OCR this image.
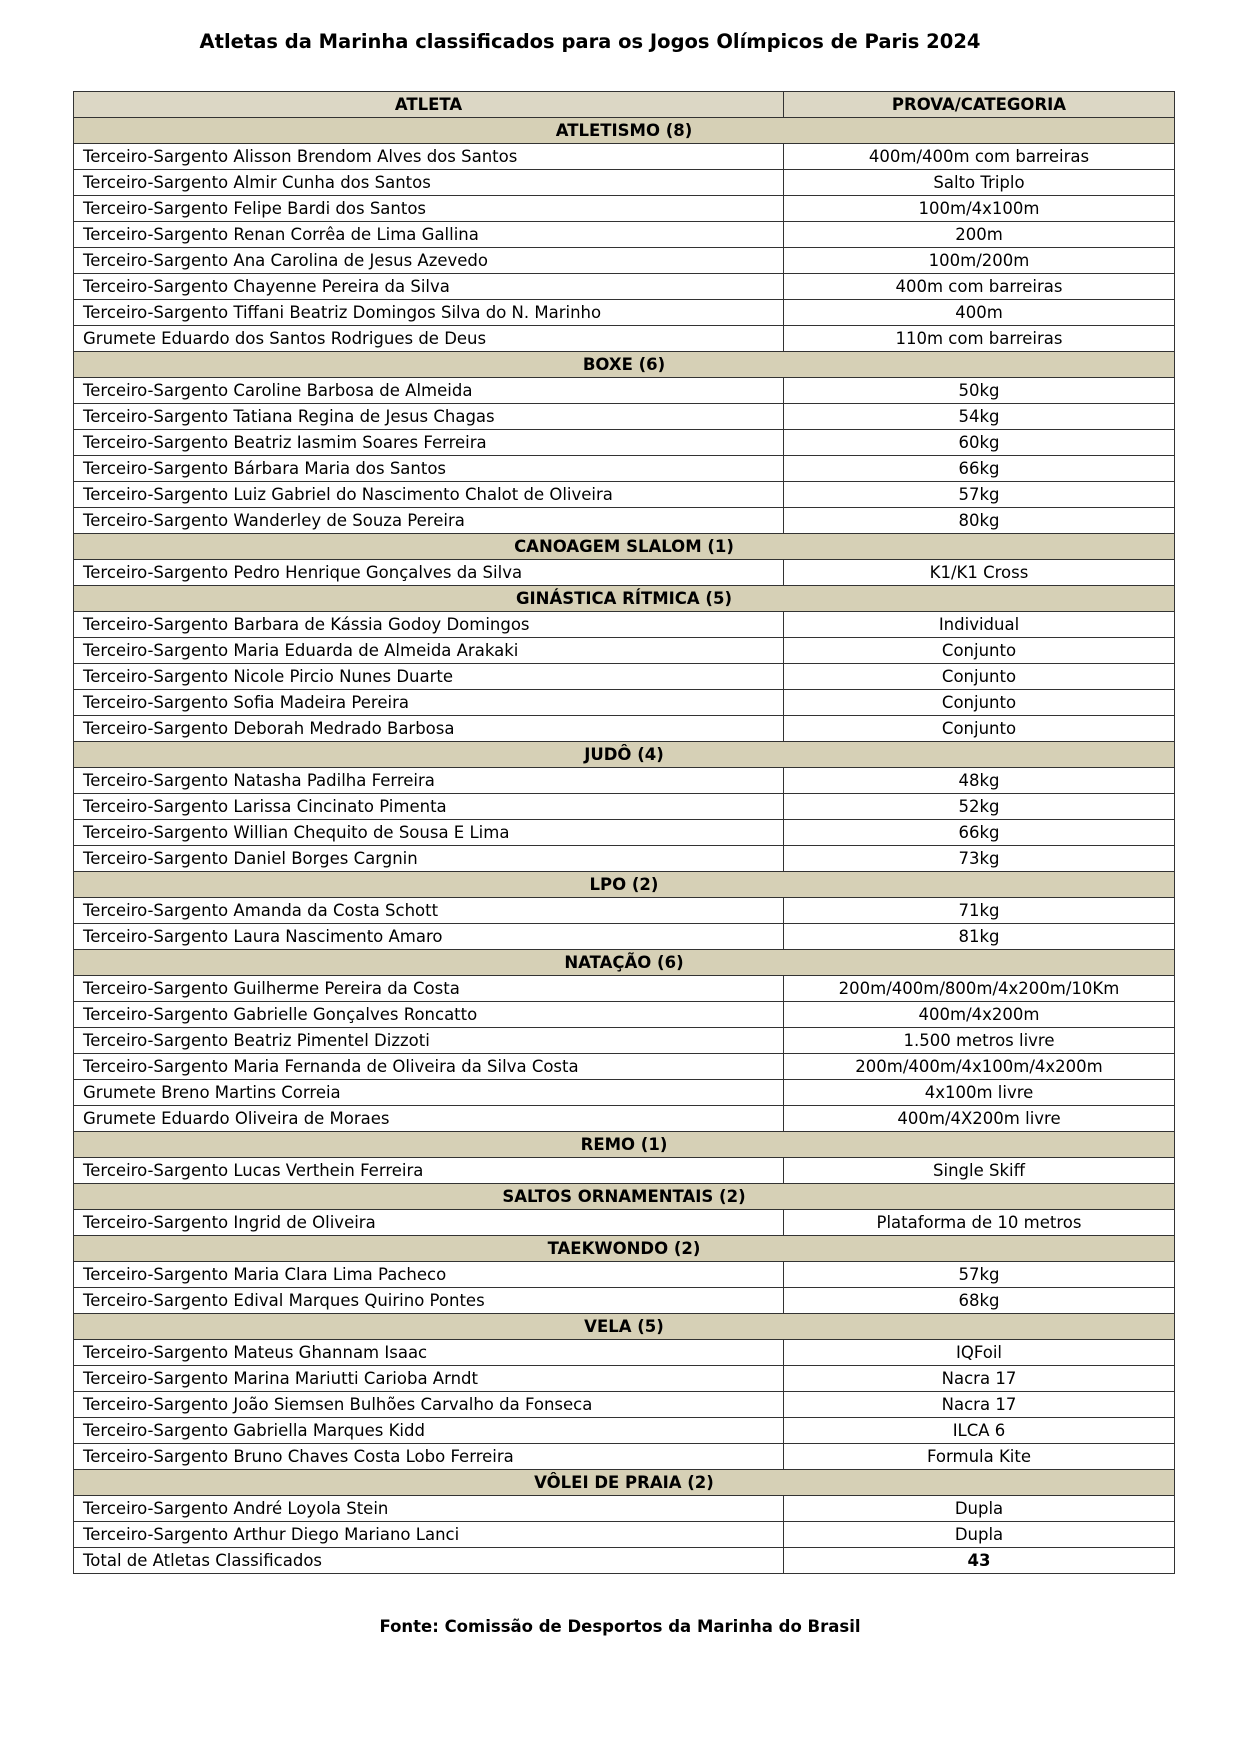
Atletas da Marinha classificados para os Jogos Olímpicos de Paris 2024
ATLETA	PROVA/CATEGORIA
ATLETISMO (8)	
Terceiro-Sargento Alisson Brendom Alves dos Santos	400m/400m com barreiras
Terceiro-Sargento Almir Cunha dos Santos	Salto Triplo
Terceiro-Sargento Felipe Bardi dos Santos	100m/4x100m
Terceiro-Sargento Renan Corrêa de Lima Gallina	200m
Terceiro-Sargento Ana Carolina de Jesus Azevedo	100m/200m
Terceiro-Sargento Chayenne Pereira da Silva	400m com barreiras
Terceiro-Sargento Tiffani Beatriz Domingos Silva do N. Marinho	400m
Grumete Eduardo dos Santos Rodrigues de Deus	110m com barreiras
BOXE (6)	
Terceiro-Sargento Caroline Barbosa de Almeida	50kg
Terceiro-Sargento Tatiana Regina de Jesus Chagas	54kg
Terceiro-Sargento Beatriz Iasmim Soares Ferreira	60kg
Terceiro-Sargento Bárbara Maria dos Santos	66kg
Terceiro-Sargento Luiz Gabriel do Nascimento Chalot de Oliveira	57kg
Terceiro-Sargento Wanderley de Souza Pereira	80kg
CANOAGEM SLALOM (1)	
Terceiro-Sargento Pedro Henrique Gonçalves da Silva	K1/K1 Cross
GINÁSTICA RÍTMICA (5)	
Terceiro-Sargento Barbara de Kássia Godoy Domingos	Individual
Terceiro-Sargento Maria Eduarda de Almeida Arakaki	Conjunto
Terceiro-Sargento Nicole Pircio Nunes Duarte	Conjunto
Terceiro-Sargento Sofia Madeira Pereira	Conjunto
Terceiro-Sargento Deborah Medrado Barbosa	Conjunto
JUDÔ (4)	
Terceiro-Sargento Natasha Padilha Ferreira	48kg
Terceiro-Sargento Larissa Cincinato Pimenta	52kg
Terceiro-Sargento Willian Chequito de Sousa E Lima	66kg
Terceiro-Sargento Daniel Borges Cargnin	73kg
LPO (2)	
Terceiro-Sargento Amanda da Costa Schott	71kg
Terceiro-Sargento Laura Nascimento Amaro	81kg
NATAÇÃO (6)	
Terceiro-Sargento Guilherme Pereira da Costa	200m/400m/800m/4x200m/10Km
Terceiro-Sargento Gabrielle Gonçalves Roncatto	400m/4x200m
Terceiro-Sargento Beatriz Pimentel Dizzoti	1.500 metros livre
Terceiro-Sargento Maria Fernanda de Oliveira da Silva Costa	200m/400m/4x100m/4x200m
Grumete Breno Martins Correia	4x100m livre
Grumete Eduardo Oliveira de Moraes	400m/4X200m livre
REMO (1)	
Terceiro-Sargento Lucas Verthein Ferreira	Single Skiff
SALTOS ORNAMENTAIS (2)	
Terceiro-Sargento Ingrid de Oliveira	Plataforma de 10 metros
TAEKWONDO (2)	
Terceiro-Sargento Maria Clara Lima Pacheco	57kg
Terceiro-Sargento Edival Marques Quirino Pontes	68kg
VELA (5)	
Terceiro-Sargento Mateus Ghannam Isaac	IQFoil
Terceiro-Sargento Marina Mariutti Carioba Arndt	Nacra 17
Terceiro-Sargento João Siemsen Bulhões Carvalho da Fonseca	Nacra 17
Terceiro-Sargento Gabriella Marques Kidd	ILCA 6
Terceiro-Sargento Bruno Chaves Costa Lobo Ferreira	Formula Kite
VÔLEI DE PRAIA (2)	
Terceiro-Sargento André Loyola Stein	Dupla
Terceiro-Sargento Arthur Diego Mariano Lanci	Dupla
Total de Atletas Classificados	43
Fonte: Comissão de Desportos da Marinha do Brasil
